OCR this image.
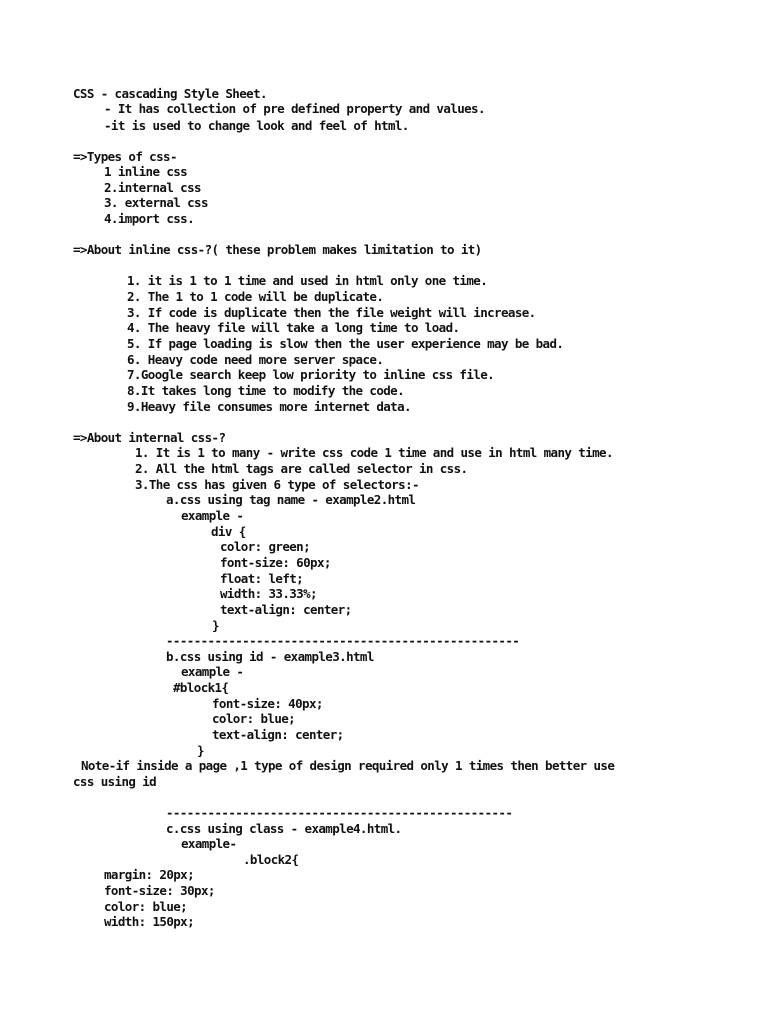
CSS - cascading Style Sheet.

- It has collection of pre defined property and values.

-it is used to change look and feel of html.

=>Types of css-

1 inline css

2.internal css

3. external css

4.import css.

=>About inline css-?( these problem makes limitation to it)

1. it is 1 to 1 time and used in html only one time.

2. The 1 to 1 code will be duplicate.

3. If code is duplicate then the file weight will increase.

4. The heavy file will take a long time to load.

5. If page loading is slow then the user experience may be bad.

6. Heavy code need more server space.

7.Google search keep low priority to inline css file.

8.It takes long time to modify the code.

9.Heavy file consumes more internet data.

=>About internal css-?

1. It is 1 to many - write css code 1 time and use in html many time.

2. All the html tags are called selector in css.

3.The css has given 6 type of selectors:-

a.css using tag name - example2.html

example -

div {

color: green;

font-size: 60px;

float: left;

width: 33.33%;

text-align: center;

}

---------------------------------------------------

b.css using id - example3.html

example -

#block1{

font-size: 40px;

color: blue;

text-align: center;

}

Note-if inside a page ,1 type of design required only 1 times then better use

css using id

--------------------------------------------------

c.css using class - example4.html.

example-

.block2{

margin: 20px;

font-size: 30px;

color: blue;

width: 150px;
